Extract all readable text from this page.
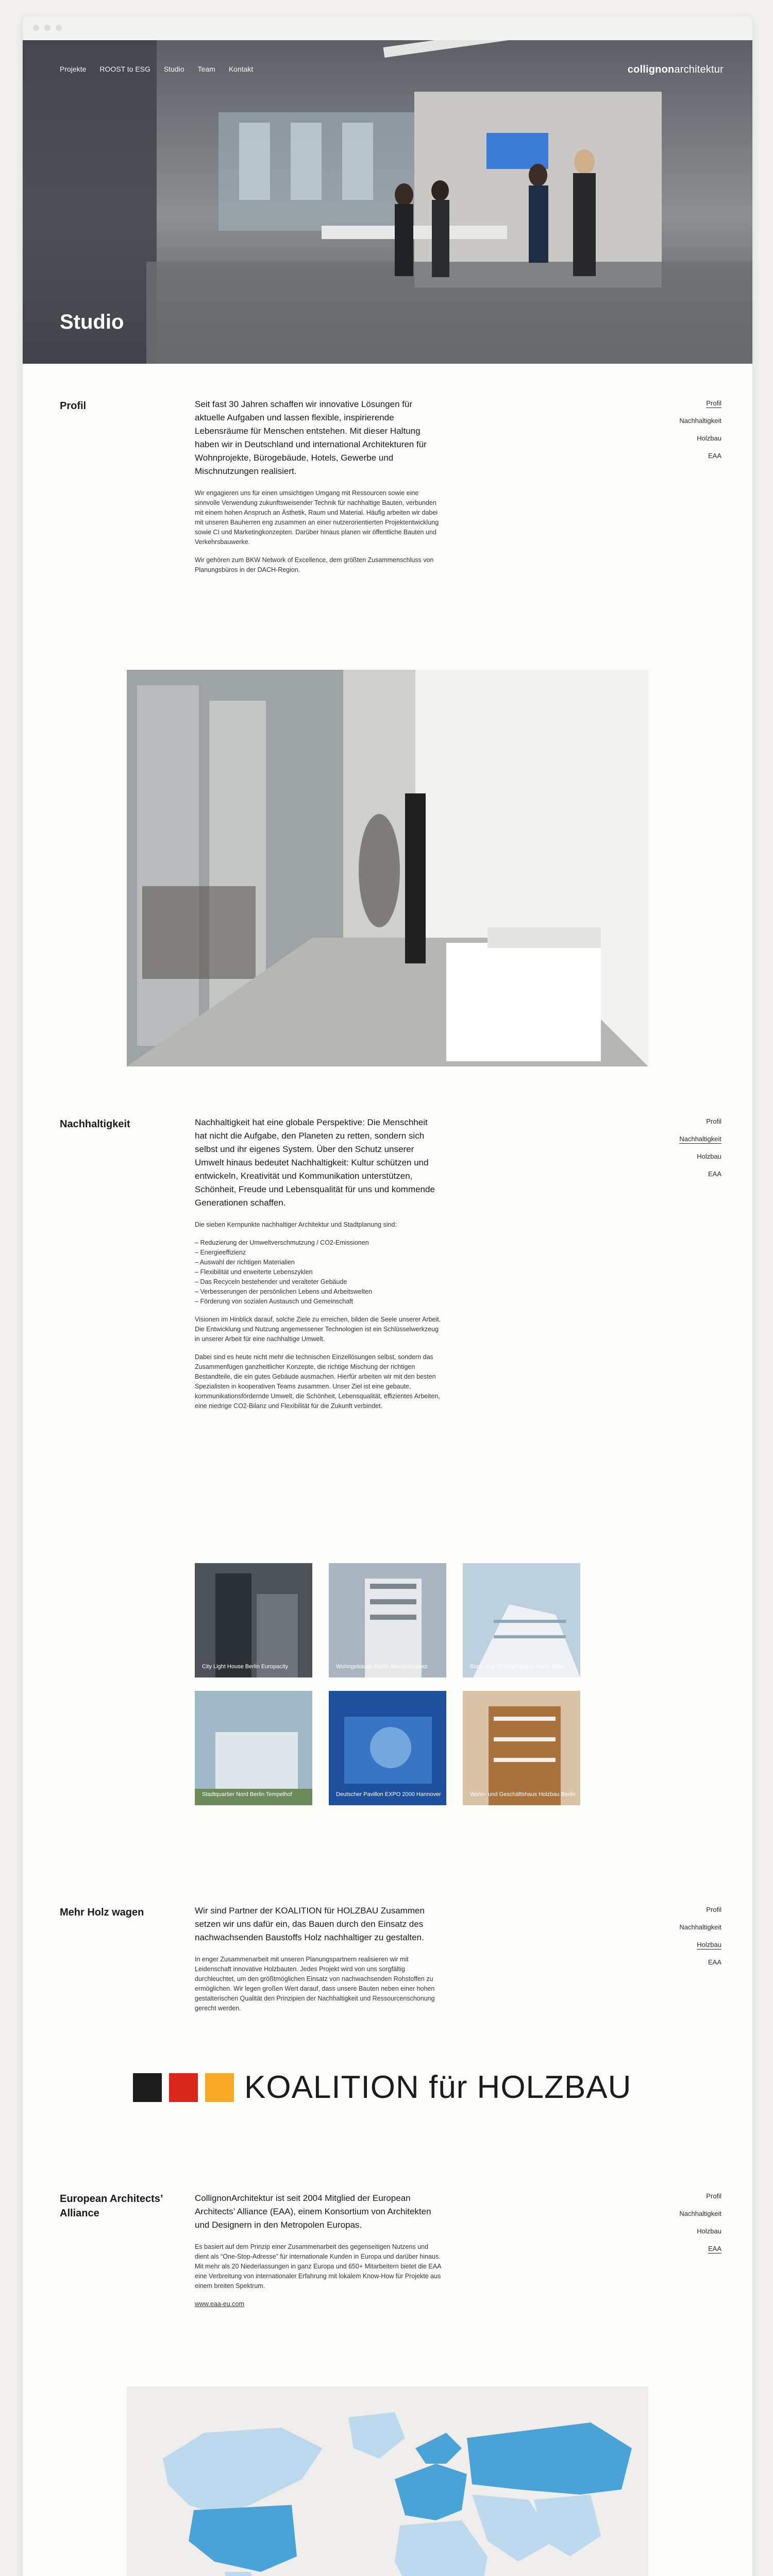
Projekte ROOST to ESG Studio Team Kontakt	collignonarchitektur
Studio
Profil	Seit fast 30 Jahren schaffen wir innovative Lösungen für aktuelle Aufgaben und lassen flexible, inspirierende Lebensräume für Menschen entstehen. Mit dieser Haltung haben wir in Deutschland und international Architekturen für Wohnprojekte, Bürogebäude, Hotels, Gewerbe und Mischnutzungen realisiert.

Wir engagieren uns für einen umsichtigen Umgang mit Ressourcen sowie eine sinnvolle Verwendung zukunftsweisender Technik für nachhaltige Bauten, verbunden mit einem hohen Anspruch an Ästhetik, Raum und Material. Häufig arbeiten wir dabei mit unseren Bauherren eng zusammen an einer nutzerorientierten Projektentwicklung sowie CI und Marketingkonzepten. Darüber hinaus planen wir öffentliche Bauten und Verkehrsbauwerke.

Wir gehören zum BKW Network of Excellence, dem größten Zusammenschluss von Planungsbüros in der DACH-Region.

Profil
Nachhaltigkeit
Holzbau
EAA
Nachhaltigkeit	Nachhaltigkeit hat eine globale Perspektive: Die Menschheit hat nicht die Aufgabe, den Planeten zu retten, sondern sich selbst und ihr eigenes System. Über den Schutz unserer Umwelt hinaus bedeutet Nachhaltigkeit: Kultur schützen und entwickeln, Kreativität und Kommunikation unterstützen, Schönheit, Freude und Lebensqualität für uns und kommende Generationen schaffen.

Die sieben Kernpunkte nachhaltiger Architektur und Stadtplanung sind:

– Reduzierung der Umweltverschmutzung / CO2-Emissionen
– Energieeffizienz
– Auswahl der richtigen Materialien
– Flexibilität und erweiterte Lebenszyklen
– Das Recyceln bestehender und veralteter Gebäude
– Verbesserungen der persönlichen Lebens und Arbeitswelten
– Förderung von sozialen Austausch und Gemeinschaft

Visionen im Hinblick darauf, solche Ziele zu erreichen, bilden die Seele unserer Arbeit. Die Entwicklung und Nutzung angemessener Technologien ist ein Schlüsselwerkzeug in unserer Arbeit für eine nachhaltige Umwelt.

Dabei sind es heute nicht mehr die technischen Einzellösungen selbst, sondern das Zusammenfügen ganzheitlicher Konzepte, die richtige Mischung der richtigen Bestandteile, die ein gutes Gebäude ausmachen. Hierfür arbeiten wir mit den besten Spezialisten in kooperativen Teams zusammen. Unser Ziel ist eine gebaute, kommunikationsfördernde Umwelt, die Schönheit, Lebensqualität, effizientes Arbeiten, eine niedrige CO2-Bilanz und Flexibilität für die Zukunft verbindet.

Profil
Nachhaltigkeit
Holzbau
EAA
City Light House Berlin Europacity	Wohngebäude Berlin Alexanderplatz	Büro- und Geschäftshaus Berlin Mitte
Stadtquartier Nord Berlin Tempelhof	Deutscher Pavillon EXPO 2000 Hannover	Wohn- und Geschäftshaus Holzbau Berlin
Mehr Holz wagen	Wir sind Partner der KOALITION für HOLZBAU Zusammen setzen wir uns dafür ein, das Bauen durch den Einsatz des nachwachsenden Baustoffs Holz nachhaltiger zu gestalten.

In enger Zusammenarbeit mit unseren Planungspartnern realisieren wir mit Leidenschaft innovative Holzbauten. Jedes Projekt wird von uns sorgfältig durchleuchtet, um den größtmöglichen Einsatz von nachwachsenden Rohstoffen zu ermöglichen. Wir legen großen Wert darauf, dass unsere Bauten neben einer hohen gestalterischen Qualität den Prinzipien der Nachhaltigkeit und Ressourcenschonung gerecht werden.

Profil
Nachhaltigkeit
Holzbau
EAA
KOALITION für HOLZBAU
European Architects’
Alliance

CollignonArchitektur ist seit 2004 Mitglied der European Architects’ Alliance (EAA), einem Konsortium von Architekten und Designern in den Metropolen Europas.

Es basiert auf dem Prinzip einer Zusammenarbeit des gegenseitigen Nutzens und dient als “One-Stop-Adresse” für internationale Kunden in Europa und darüber hinaus. Mit mehr als 20 Niederlassungen in ganz Europa und 650+ Mitarbeitern bietet die EAA eine Verbreitung von internationaler Erfahrung mit lokalem Know-How für Projekte aus einem breiten Spektrum.

www.eaa-eu.com

Profil
Nachhaltigkeit
Holzbau
EAA
